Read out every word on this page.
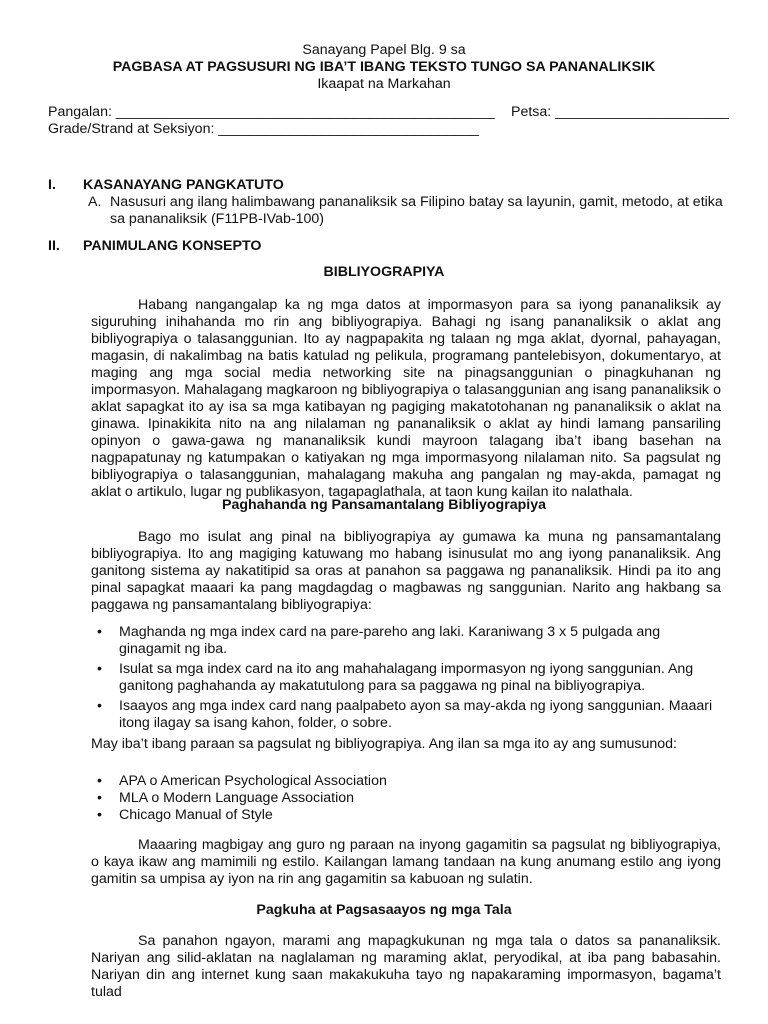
Sanayang Papel Blg. 9 sa
PAGBASA AT PAGSUSURI NG IBA’T IBANG TEKSTO TUNGO SA PANANALIKSIK
Ikaapat na Markahan
Pangalan: ________________________________________________ Petsa: ______________________
Grade/Strand at Seksiyon: _________________________________
I. KASANAYANG PANGKATUTO
A. Nasusuri ang ilang halimbawang pananaliksik sa Filipino batay sa layunin, gamit, metodo, at etika
sa pananaliksik (F11PB-IVab-100)
II. PANIMULANG KONSEPTO
BIBLIYOGRAPIYA

Habang nangangalap ka ng mga datos at impormasyon para sa iyong pananaliksik ay siguruhing inihahanda mo rin ang bibliyograpiya. Bahagi ng isang pananaliksik o aklat ang bibliyograpiya o talasanggunian. Ito ay nagpapakita ng talaan ng mga aklat, dyornal, pahayagan, magasin, di nakalimbag na batis katulad ng pelikula, programang pantelebisyon, dokumentaryo, at maging ang mga social media networking site na pinagsanggunian o pinagkuhanan ng impormasyon. Mahalagang magkaroon ng bibliyograpiya o talasanggunian ang isang pananaliksik o aklat sapagkat ito ay isa sa mga katibayan ng pagiging makatotohanan ng pananaliksik o aklat na ginawa. Ipinakikita nito na ang nilalaman ng pananaliksik o aklat ay hindi lamang pansariling opinyon o gawa-gawa ng mananaliksik kundi mayroon talagang iba’t ibang basehan na nagpapatunay ng katumpakan o katiyakan ng mga impormasyong nilalaman nito. Sa pagsulat ng bibliyograpiya o talasanggunian, mahalagang makuha ang pangalan ng may-akda, pamagat ng aklat o artikulo, lugar ng publikasyon, tagapaglathala, at taon kung kailan ito nalathala.

Paghahanda ng Pansamantalang Bibliyograpiya

Bago mo isulat ang pinal na bibliyograpiya ay gumawa ka muna ng pansamantalang bibliyograpiya. Ito ang magiging katuwang mo habang isinusulat mo ang iyong pananaliksik. Ang ganitong sistema ay nakatitipid sa oras at panahon sa paggawa ng pananaliksik. Hindi pa ito ang pinal sapagkat maaari ka pang magdagdag o magbawas ng sanggunian. Narito ang hakbang sa paggawa ng pansamantalang bibliyograpiya:

• Maghanda ng mga index card na pare-pareho ang laki. Karaniwang 3 x 5 pulgada ang ginagamit ng iba.
• Isulat sa mga index card na ito ang mahahalagang impormasyon ng iyong sanggunian. Ang ganitong paghahanda ay makatutulong para sa paggawa ng pinal na bibliyograpiya.
• Isaayos ang mga index card nang paalpabeto ayon sa may-akda ng iyong sanggunian. Maaari itong ilagay sa isang kahon, folder, o sobre.
May iba’t ibang paraan sa pagsulat ng bibliyograpiya. Ang ilan sa mga ito ay ang sumusunod:
• APA o American Psychological Association
• MLA o Modern Language Association
• Chicago Manual of Style

Maaaring magbigay ang guro ng paraan na inyong gagamitin sa pagsulat ng bibliyograpiya, o kaya ikaw ang mamimili ng estilo. Kailangan lamang tandaan na kung anumang estilo ang iyong gamitin sa umpisa ay iyon na rin ang gagamitin sa kabuoan ng sulatin.

Pagkuha at Pagsasaayos ng mga Tala

Sa panahon ngayon, marami ang mapagkukunan ng mga tala o datos sa pananaliksik. Nariyan ang silid-aklatan na naglalaman ng maraming aklat, peryodikal, at iba pang babasahin. Nariyan din ang internet kung saan makakukuha tayo ng napakaraming impormasyon, bagama’t tulad
